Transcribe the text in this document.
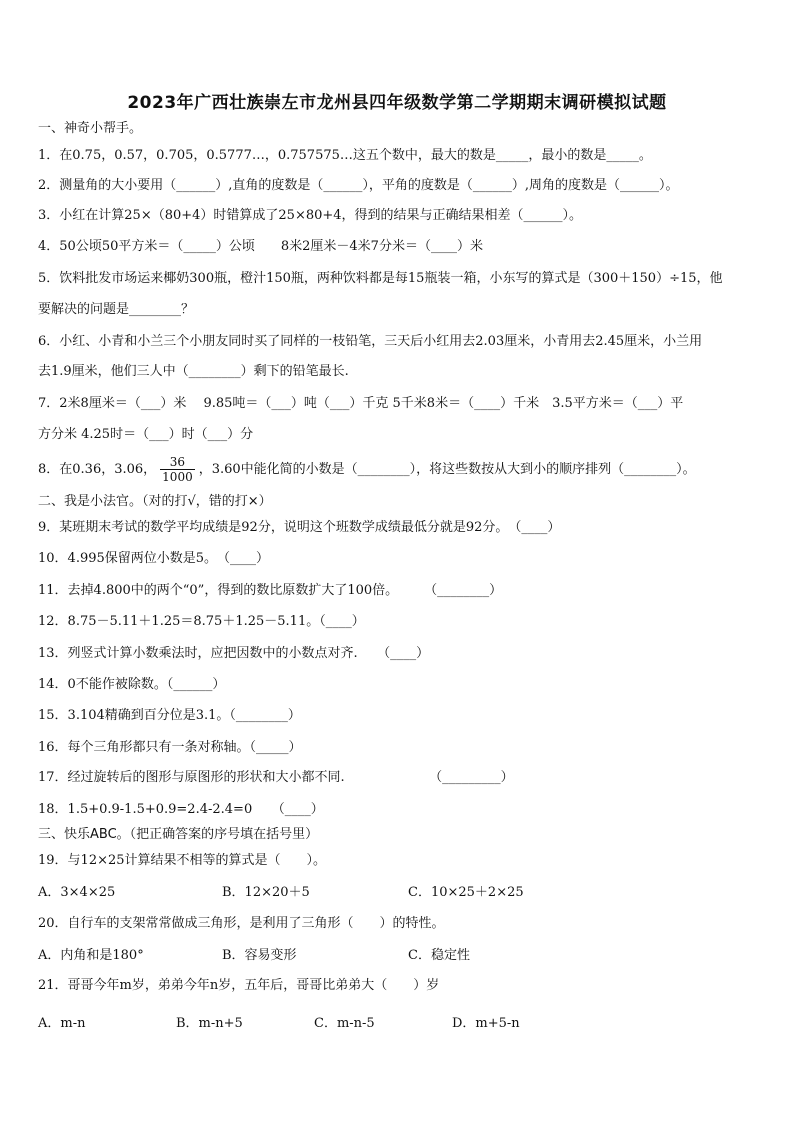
2023年广西壮族崇左市龙州县四年级数学第二学期期末调研模拟试题
一、神奇小帮手。
1．在0.75，0.57，0.705，0.5777…，0.757575…这五个数中，最大的数是_____，最小的数是_____。
2．测量角的大小要用（______）,直角的度数是（______），平角的度数是（______）,周角的度数是（______）。
3．小红在计算25×（80+4）时错算成了25×80+4，得到的结果与正确结果相差（______）。
4．50公顷50平方米＝（_____）公顷　　8米2厘米－4米7分米＝（____）米
5．饮料批发市场运来椰奶300瓶，橙汁150瓶，两种饮料都是每15瓶装一箱，小东写的算式是（300＋150）÷15，他
要解决的问题是________？
6．小红、小青和小兰三个小朋友同时买了同样的一枝铅笔，三天后小红用去2.03厘米，小青用去2.45厘米，小兰用
去1.9厘米，他们三人中（________）剩下的铅笔最长.
7．2米8厘米＝（___）米　 9.85吨＝（___）吨（___）千克 5千米8米＝（____）千米　3.5平方米＝（___）平
方分米 4.25时＝（___）时（___）分
8．在0.36，3.06， $\frac{36}{1000}$ ，3.60中能化简的小数是（________），将这些数按从大到小的顺序排列（________）。
二、我是小法官。（对的打√，错的打×）
9．某班期末考试的数学平均成绩是92分，说明这个班数学成绩最低分就是92分。　（____）
10．4.995保留两位小数是5。　（____）
11．去掉4.800中的两个“0”，得到的数比原数扩大了100倍。　　　（________）
12．8.75－5.11＋1.25＝8.75＋1.25－5.11。（____）
13．列竖式计算小数乘法时，应把因数中的小数点对齐.　　（____）
14．0不能作被除数。（______）
15．3.104精确到百分位是3.1。（________）
16．每个三角形都只有一条对称轴。（_____）
17．经过旋转后的图形与原图形的形状和大小都不同.　　　　　　　（_________）
18．1.5+0.9-1.5+0.9=2.4-2.4=0　　（____）
三、快乐ABC。（把正确答案的序号填在括号里）
19．与12×25计算结果不相等的算式是（　　）。
A．3×4×25	B．12×20＋5	C．10×25＋2×25
20．自行车的支架常常做成三角形，是利用了三角形（　　）的特性。
A．内角和是180°	B．容易变形	C．稳定性
21．哥哥今年m岁，弟弟今年n岁，五年后，哥哥比弟弟大（　　）岁
A．m-n	B．m-n+5	C．m-n-5	D．m+5-n
